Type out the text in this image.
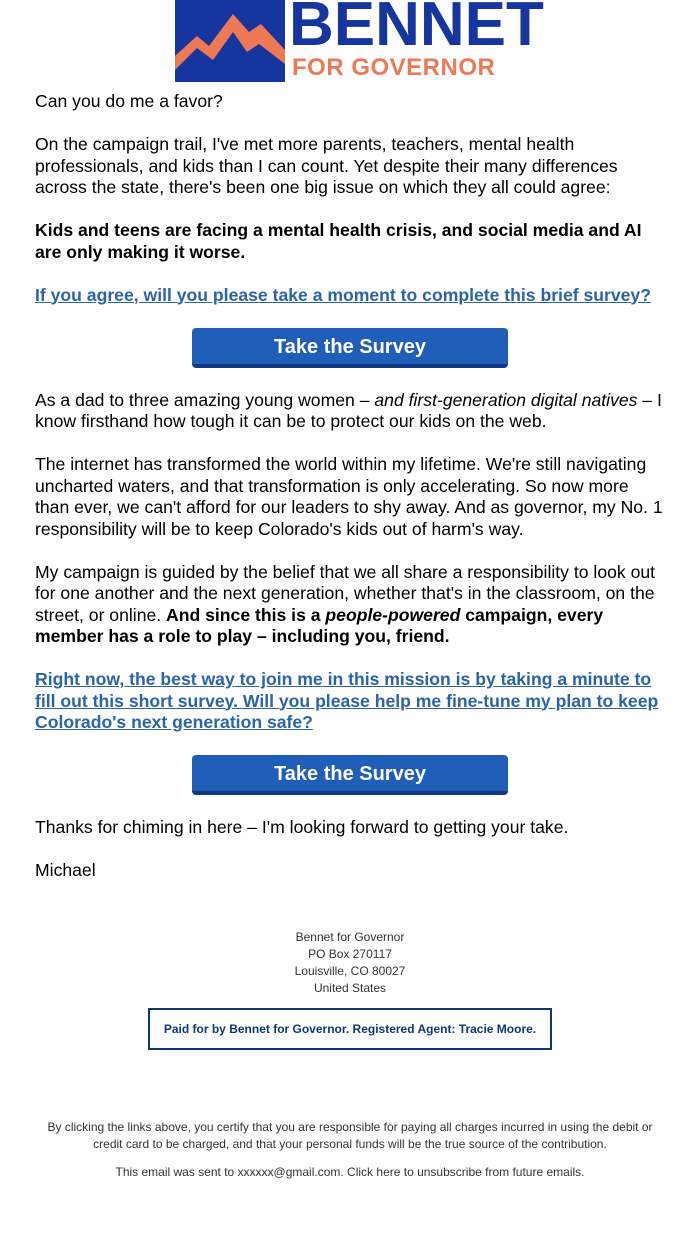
BENNET
FOR GOVERNOR

Can you do me a favor?

On the campaign trail, I've met more parents, teachers, mental health professionals, and kids than I can count. Yet despite their many differences across the state, there's been one big issue on which they all could agree:

Kids and teens are facing a mental health crisis, and social media and AI are only making it worse.

If you agree, will you please take a moment to complete this brief survey?

Take the Survey

As a dad to three amazing young women – and first-generation digital natives – I know firsthand how tough it can be to protect our kids on the web.

The internet has transformed the world within my lifetime. We're still navigating uncharted waters, and that transformation is only accelerating. So now more than ever, we can't afford for our leaders to shy away. And as governor, my No. 1 responsibility will be to keep Colorado's kids out of harm's way.

My campaign is guided by the belief that we all share a responsibility to look out for one another and the next generation, whether that's in the classroom, on the street, or online. And since this is a people-powered campaign, every member has a role to play – including you, friend.

Right now, the best way to join me in this mission is by taking a minute to fill out this short survey. Will you please help me fine-tune my plan to keep Colorado's next generation safe?

Take the Survey

Thanks for chiming in here – I'm looking forward to getting your take.

Michael

Bennet for Governor
PO Box 270117
Louisville, CO 80027
United States
Paid for by Bennet for Governor. Registered Agent: Tracie Moore.
By clicking the links above, you certify that you are responsible for paying all charges incurred in using the debit or credit card to be charged, and that your personal funds will be the true source of the contribution.
This email was sent to xxxxxx@gmail.com. Click here to unsubscribe from future emails.
